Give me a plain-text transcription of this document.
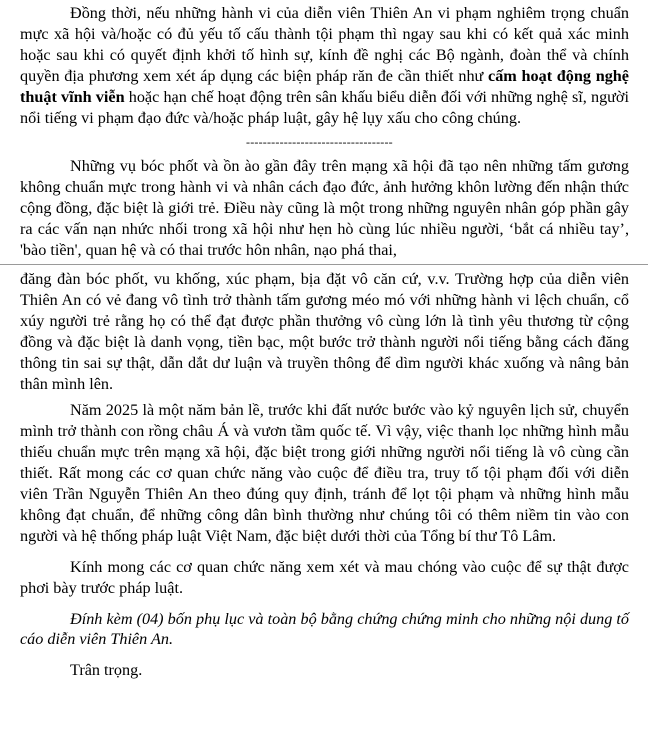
Đồng thời, nếu những hành vi của diễn viên Thiên An vi phạm nghiêm trọng chuẩn mực xã hội và/hoặc có đủ yếu tố cấu thành tội phạm thì ngay sau khi có kết quả xác minh hoặc sau khi có quyết định khởi tố hình sự, kính đề nghị các Bộ ngành, đoàn thể và chính quyền địa phương xem xét áp dụng các biện pháp răn đe cần thiết như cấm hoạt động nghệ thuật vĩnh viễn hoặc hạn chế hoạt động trên sân khấu biểu diễn đối với những nghệ sĩ, người nổi tiếng vi phạm đạo đức và/hoặc pháp luật, gây hệ lụy xấu cho công chúng.

-----------------------------------

Những vụ bóc phốt và ồn ào gần đây trên mạng xã hội đã tạo nên những tấm gương không chuẩn mực trong hành vi và nhân cách đạo đức, ảnh hưởng khôn lường đến nhận thức cộng đồng, đặc biệt là giới trẻ. Điều này cũng là một trong những nguyên nhân góp phần gây ra các vấn nạn nhức nhối trong xã hội như hẹn hò cùng lúc nhiều người, ‘bắt cá nhiều tay’, 'bào tiền', quan hệ và có thai trước hôn nhân, nạo phá thai,

đăng đàn bóc phốt, vu khống, xúc phạm, bịa đặt vô căn cứ, v.v. Trường hợp của diễn viên Thiên An có vẻ đang vô tình trở thành tấm gương méo mó với những hành vi lệch chuẩn, cổ xúy người trẻ rằng họ có thể đạt được phần thưởng vô cùng lớn là tình yêu thương từ cộng đồng và đặc biệt là danh vọng, tiền bạc, một bước trở thành người nổi tiếng bằng cách đăng thông tin sai sự thật, dẫn dắt dư luận và truyền thông để dìm người khác xuống và nâng bản thân mình lên.

Năm 2025 là một năm bản lề, trước khi đất nước bước vào kỷ nguyên lịch sử, chuyển mình trở thành con rồng châu Á và vươn tầm quốc tế. Vì vậy, việc thanh lọc những hình mẫu thiếu chuẩn mực trên mạng xã hội, đặc biệt trong giới những người nổi tiếng là vô cùng cần thiết. Rất mong các cơ quan chức năng vào cuộc để điều tra, truy tố tội phạm đối với diễn viên Trần Nguyễn Thiên An theo đúng quy định, tránh để lọt tội phạm và những hình mẫu không đạt chuẩn, để những công dân bình thường như chúng tôi có thêm niềm tin vào con người và hệ thống pháp luật Việt Nam, đặc biệt dưới thời của Tổng bí thư Tô Lâm.

Kính mong các cơ quan chức năng xem xét và mau chóng vào cuộc để sự thật được phơi bày trước pháp luật.

Đính kèm (04) bốn phụ lục và toàn bộ bằng chứng chứng minh cho những nội dung tố cáo diễn viên Thiên An.

Trân trọng.
